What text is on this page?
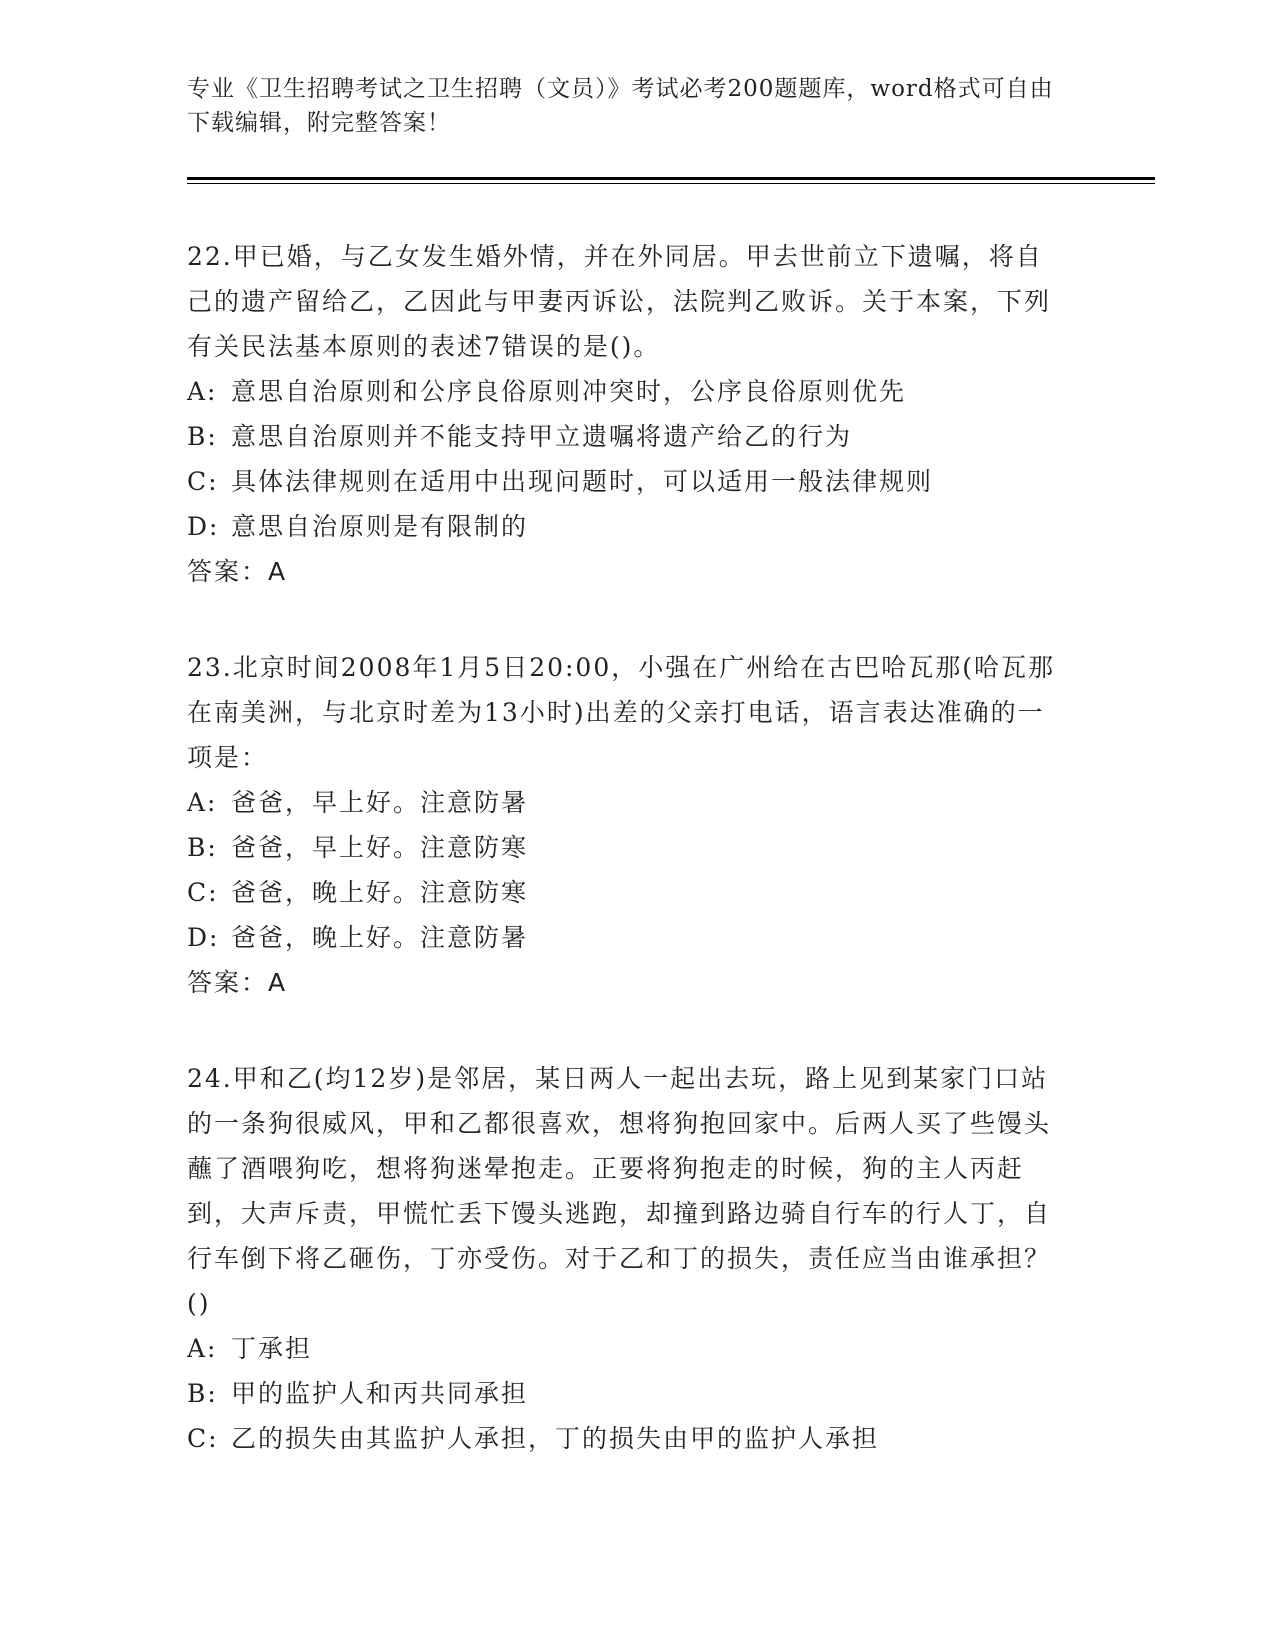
专业《卫生招聘考试之卫生招聘（文员）》考试必考200题题库，word格式可自由下载编辑，附完整答案！

22.甲已婚，与乙女发生婚外情，并在外同居。甲去世前立下遗嘱，将自己的遗产留给乙，乙因此与甲妻丙诉讼，法院判乙败诉。关于本案，下列有关民法基本原则的表述7错误的是()。

A: 意思自治原则和公序良俗原则冲突时，公序良俗原则优先

B: 意思自治原则并不能支持甲立遗嘱将遗产给乙的行为

C: 具体法律规则在适用中出现问题时，可以适用一般法律规则

D: 意思自治原则是有限制的

答案：A

23.北京时间2008年1月5日20:00，小强在广州给在古巴哈瓦那(哈瓦那在南美洲，与北京时差为13小时)出差的父亲打电话，语言表达准确的一项是：

A: 爸爸，早上好。注意防暑

B: 爸爸，早上好。注意防寒

C: 爸爸，晚上好。注意防寒

D: 爸爸，晚上好。注意防暑

答案：A

24.甲和乙(均12岁)是邻居，某日两人一起出去玩，路上见到某家门口站的一条狗很威风，甲和乙都很喜欢，想将狗抱回家中。后两人买了些馒头蘸了酒喂狗吃，想将狗迷晕抱走。正要将狗抱走的时候，狗的主人丙赶到，大声斥责，甲慌忙丢下馒头逃跑，却撞到路边骑自行车的行人丁，自行车倒下将乙砸伤，丁亦受伤。对于乙和丁的损失，责任应当由谁承担？()

A: 丁承担

B: 甲的监护人和丙共同承担

C: 乙的损失由其监护人承担，丁的损失由甲的监护人承担
